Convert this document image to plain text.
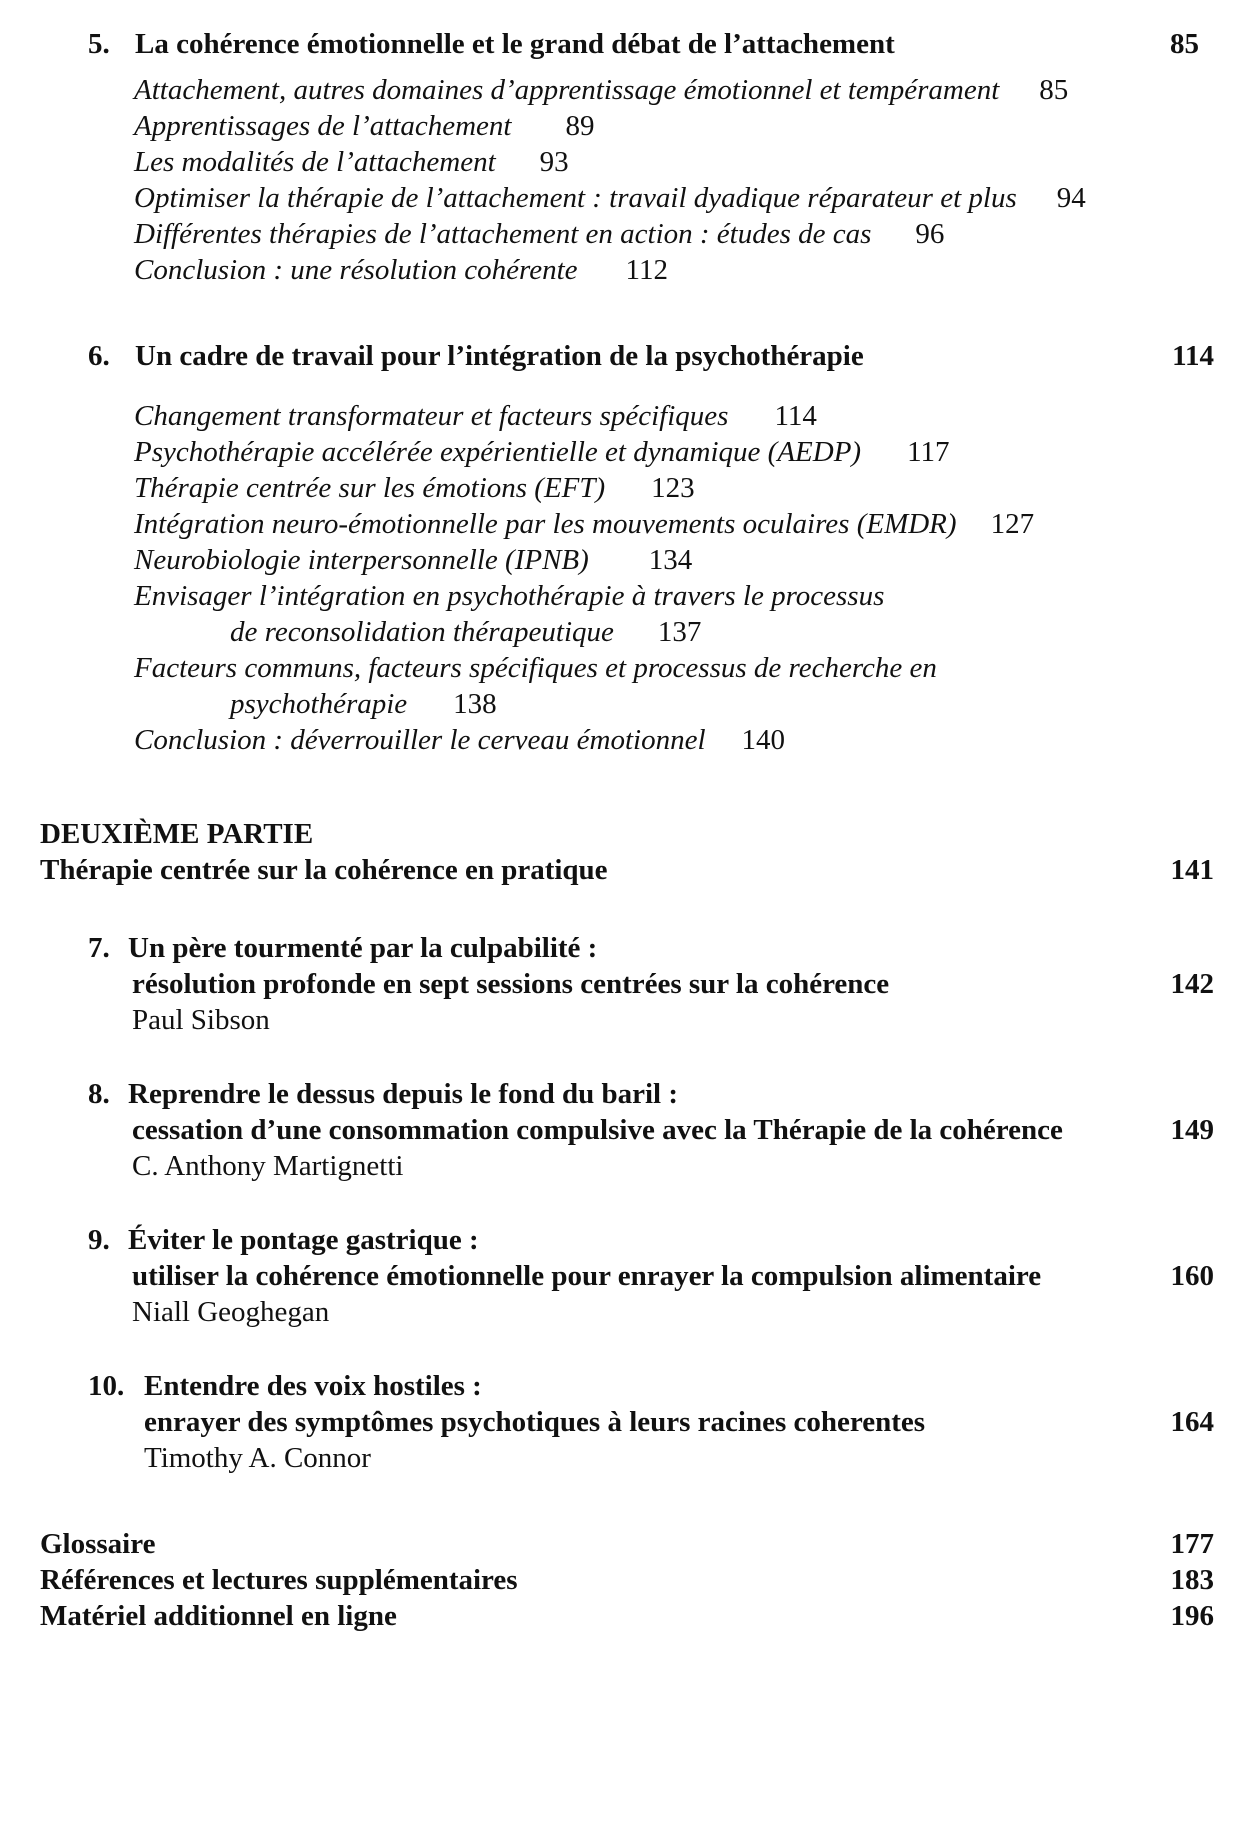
5. La cohérence émotionnelle et le grand débat de l’attachement	85
Attachement, autres domaines d’apprentissage émotionnel et tempérament 85
Apprentissages de l’attachement 89
Les modalités de l’attachement 93
Optimiser la thérapie de l’attachement : travail dyadique réparateur et plus 94
Différentes thérapies de l’attachement en action : études de cas 96
Conclusion : une résolution cohérente 112
6. Un cadre de travail pour l’intégration de la psychothérapie	114
Changement transformateur et facteurs spécifiques 114
Psychothérapie accélérée expérientielle et dynamique (AEDP) 117
Thérapie centrée sur les émotions (EFT) 123
Intégration neuro-émotionnelle par les mouvements oculaires (EMDR) 127
Neurobiologie interpersonnelle (IPNB) 134
Envisager l’intégration en psychothérapie à travers le processus
de reconsolidation thérapeutique 137
Facteurs communs, facteurs spécifiques et processus de recherche en
psychothérapie 138
Conclusion : déverrouiller le cerveau émotionnel 140
DEUXIÈME PARTIE
Thérapie centrée sur la cohérence en pratique	141
7. Un père tourmenté par la culpabilité :
résolution profonde en sept sessions centrées sur la cohérence	142
Paul Sibson
8. Reprendre le dessus depuis le fond du baril :
cessation d’une consommation compulsive avec la Thérapie de la cohérence	149
C. Anthony Martignetti
9. Éviter le pontage gastrique :
utiliser la cohérence émotionnelle pour enrayer la compulsion alimentaire	160
Niall Geoghegan
10. Entendre des voix hostiles :
enrayer des symptômes psychotiques à leurs racines coherentes	164
Timothy A. Connor
Glossaire	177
Références et lectures supplémentaires	183
Matériel additionnel en ligne	196
